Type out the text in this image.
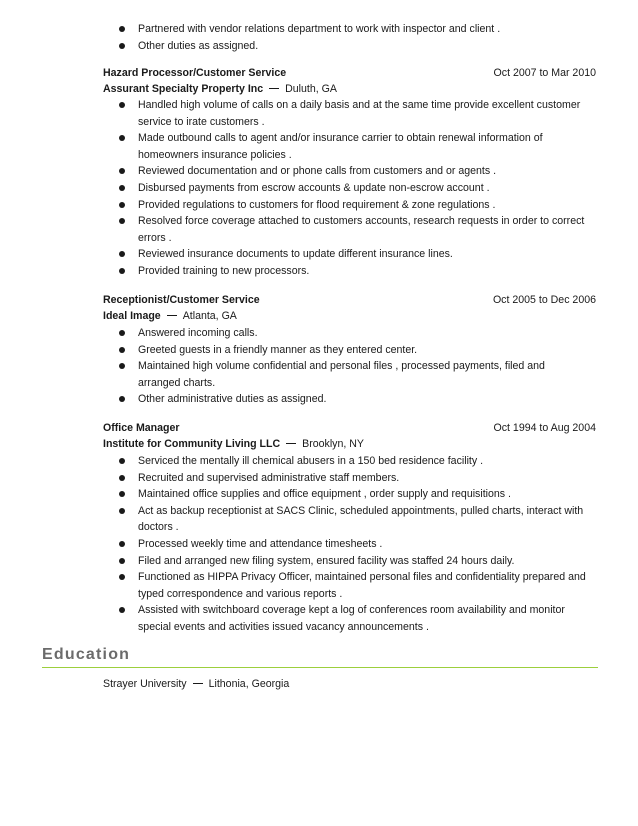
Partnered with vendor relations department to work with inspector and client .
Other duties as assigned.
Hazard Processor/Customer Service	Oct 2007 to Mar 2010
Assurant Specialty Property Inc Duluth, GA
Handled high volume of calls on a daily basis and at the same time provide excellent customer service to irate customers .
Made outbound calls to agent and/or insurance carrier to obtain renewal information of homeowners insurance policies .
Reviewed documentation and or phone calls from customers and or agents .
Disbursed payments from escrow accounts & update non-escrow account .
Provided regulations to customers for flood requirement & zone regulations .
Resolved force coverage attached to customers accounts, research requests in order to correct errors .
Reviewed insurance documents to update different insurance lines.
Provided training to new processors.
Receptionist/Customer Service	Oct 2005 to Dec 2006
Ideal Image Atlanta, GA
Answered incoming calls.
Greeted guests in a friendly manner as they entered center.
Maintained high volume confidential and personal files , processed payments, filed and arranged charts.
Other administrative duties as assigned.
Office Manager	Oct 1994 to Aug 2004
Institute for Community Living LLC Brooklyn, NY
Serviced the mentally ill chemical abusers in a 150 bed residence facility .
Recruited and supervised administrative staff members.
Maintained office supplies and office equipment , order supply and requisitions .
Act as backup receptionist at SACS Clinic, scheduled appointments, pulled charts, interact with doctors .
Processed weekly time and attendance timesheets .
Filed and arranged new filing system, ensured facility was staffed 24 hours daily.
Functioned as HIPPA Privacy Officer, maintained personal files and confidentiality prepared and typed correspondence and various reports .
Assisted with switchboard coverage kept a log of conferences room availability and monitor special events and activities issued vacancy announcements .
Education
Strayer University Lithonia, Georgia
